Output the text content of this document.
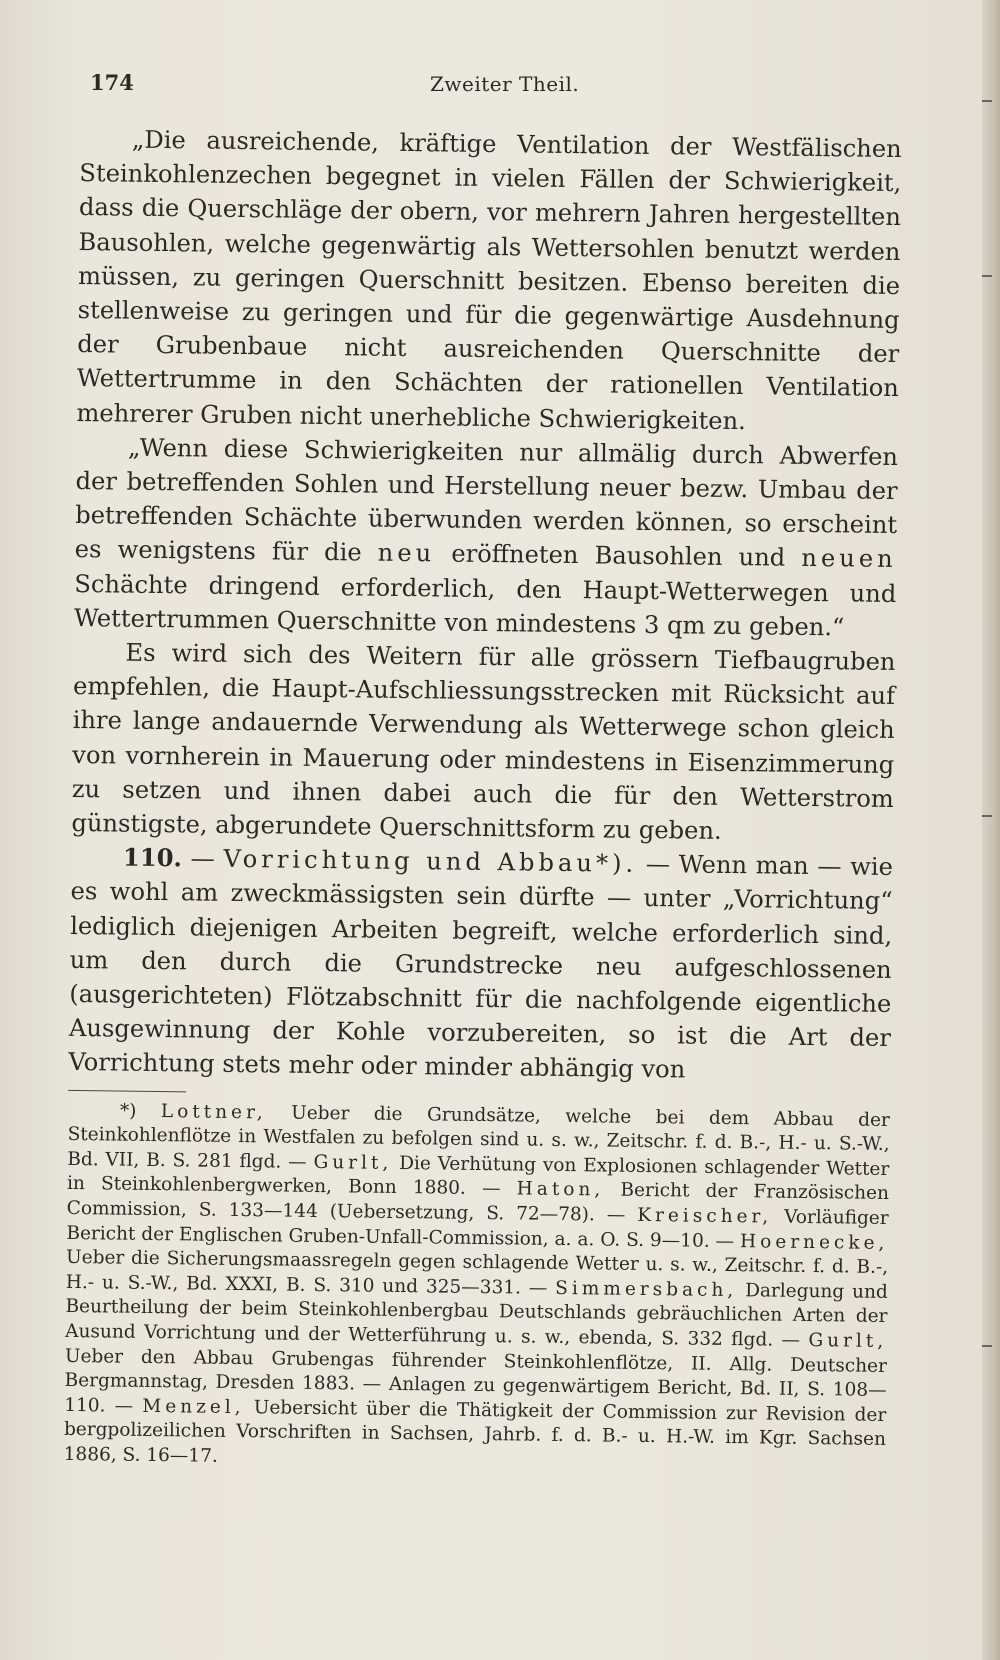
174	Zweiter Theil.

„Die ausreichende, kräftige Ventilation der Westfälischen Steinkohlenzechen begegnet in vielen Fällen der Schwierigkeit, dass die Querschläge der obern, vor mehrern Jahren hergestellten Bausohlen, welche gegenwärtig als Wettersohlen benutzt werden müssen, zu geringen Querschnitt besitzen. Ebenso bereiten die stellenweise zu geringen und für die gegenwärtige Ausdehnung der Grubenbaue nicht ausreichenden Querschnitte der Wettertrumme in den Schächten der rationellen Ventilation mehrerer Gruben nicht unerhebliche Schwierigkeiten.

„Wenn diese Schwierigkeiten nur allmälig durch Abwerfen der betreffenden Sohlen und Herstellung neuer bezw. Umbau der betreffenden Schächte überwunden werden können, so erscheint es wenigstens für die neu eröffneten Bausohlen und neuen Schächte dringend erforderlich, den Haupt-Wetterwegen und Wettertrummen Querschnitte von mindestens 3 qm zu geben.“

Es wird sich des Weitern für alle grössern Tiefbaugruben empfehlen, die Haupt-Aufschliessungsstrecken mit Rücksicht auf ihre lange andauernde Verwendung als Wetterwege schon gleich von vornherein in Mauerung oder mindestens in Eisenzimmerung zu setzen und ihnen dabei auch die für den Wetterstrom günstigste, abgerundete Querschnittsform zu geben.

110. — Vorrichtung und Abbau*). — Wenn man — wie es wohl am zweckmässigsten sein dürfte — unter „Vorrichtung“ lediglich diejenigen Arbeiten begreift, welche erforderlich sind, um den durch die Grundstrecke neu aufgeschlossenen (ausgerichteten) Flötzabschnitt für die nachfolgende eigentliche Ausgewinnung der Kohle vorzubereiten, so ist die Art der Vorrichtung stets mehr oder minder abhängig von

*) Lottner, Ueber die Grundsätze, welche bei dem Abbau der Steinkohlenflötze in Westfalen zu befolgen sind u. s. w., Zeitschr. f. d. B.-, H.- u. S.-W., Bd. VII, B. S. 281 flgd. — Gurlt, Die Verhütung von Explosionen schlagender Wetter in Steinkohlenbergwerken, Bonn 1880. — Haton, Bericht der Französischen Commission, S. 133—144 (Uebersetzung, S. 72—78). — Kreischer, Vorläufiger Bericht der Englischen Gruben-Unfall-Commission, a. a. O. S. 9—10. — Hoernecke, Ueber die Sicherungsmaassregeln gegen schlagende Wetter u. s. w., Zeitschr. f. d. B.-, H.- u. S.-W., Bd. XXXI, B. S. 310 und 325—331. — Simmersbach, Darlegung und Beurtheilung der beim Steinkohlenbergbau Deutschlands gebräuchlichen Arten der Ausund Vorrichtung und der Wetterführung u. s. w., ebenda, S. 332 flgd. — Gurlt, Ueber den Abbau Grubengas führender Steinkohlenflötze, II. Allg. Deutscher Bergmannstag, Dresden 1883. — Anlagen zu gegenwärtigem Bericht, Bd. II, S. 108—110. — Menzel, Uebersicht über die Thätigkeit der Commission zur Revision der bergpolizeilichen Vorschriften in Sachsen, Jahrb. f. d. B.- u. H.-W. im Kgr. Sachsen 1886, S. 16—17.
